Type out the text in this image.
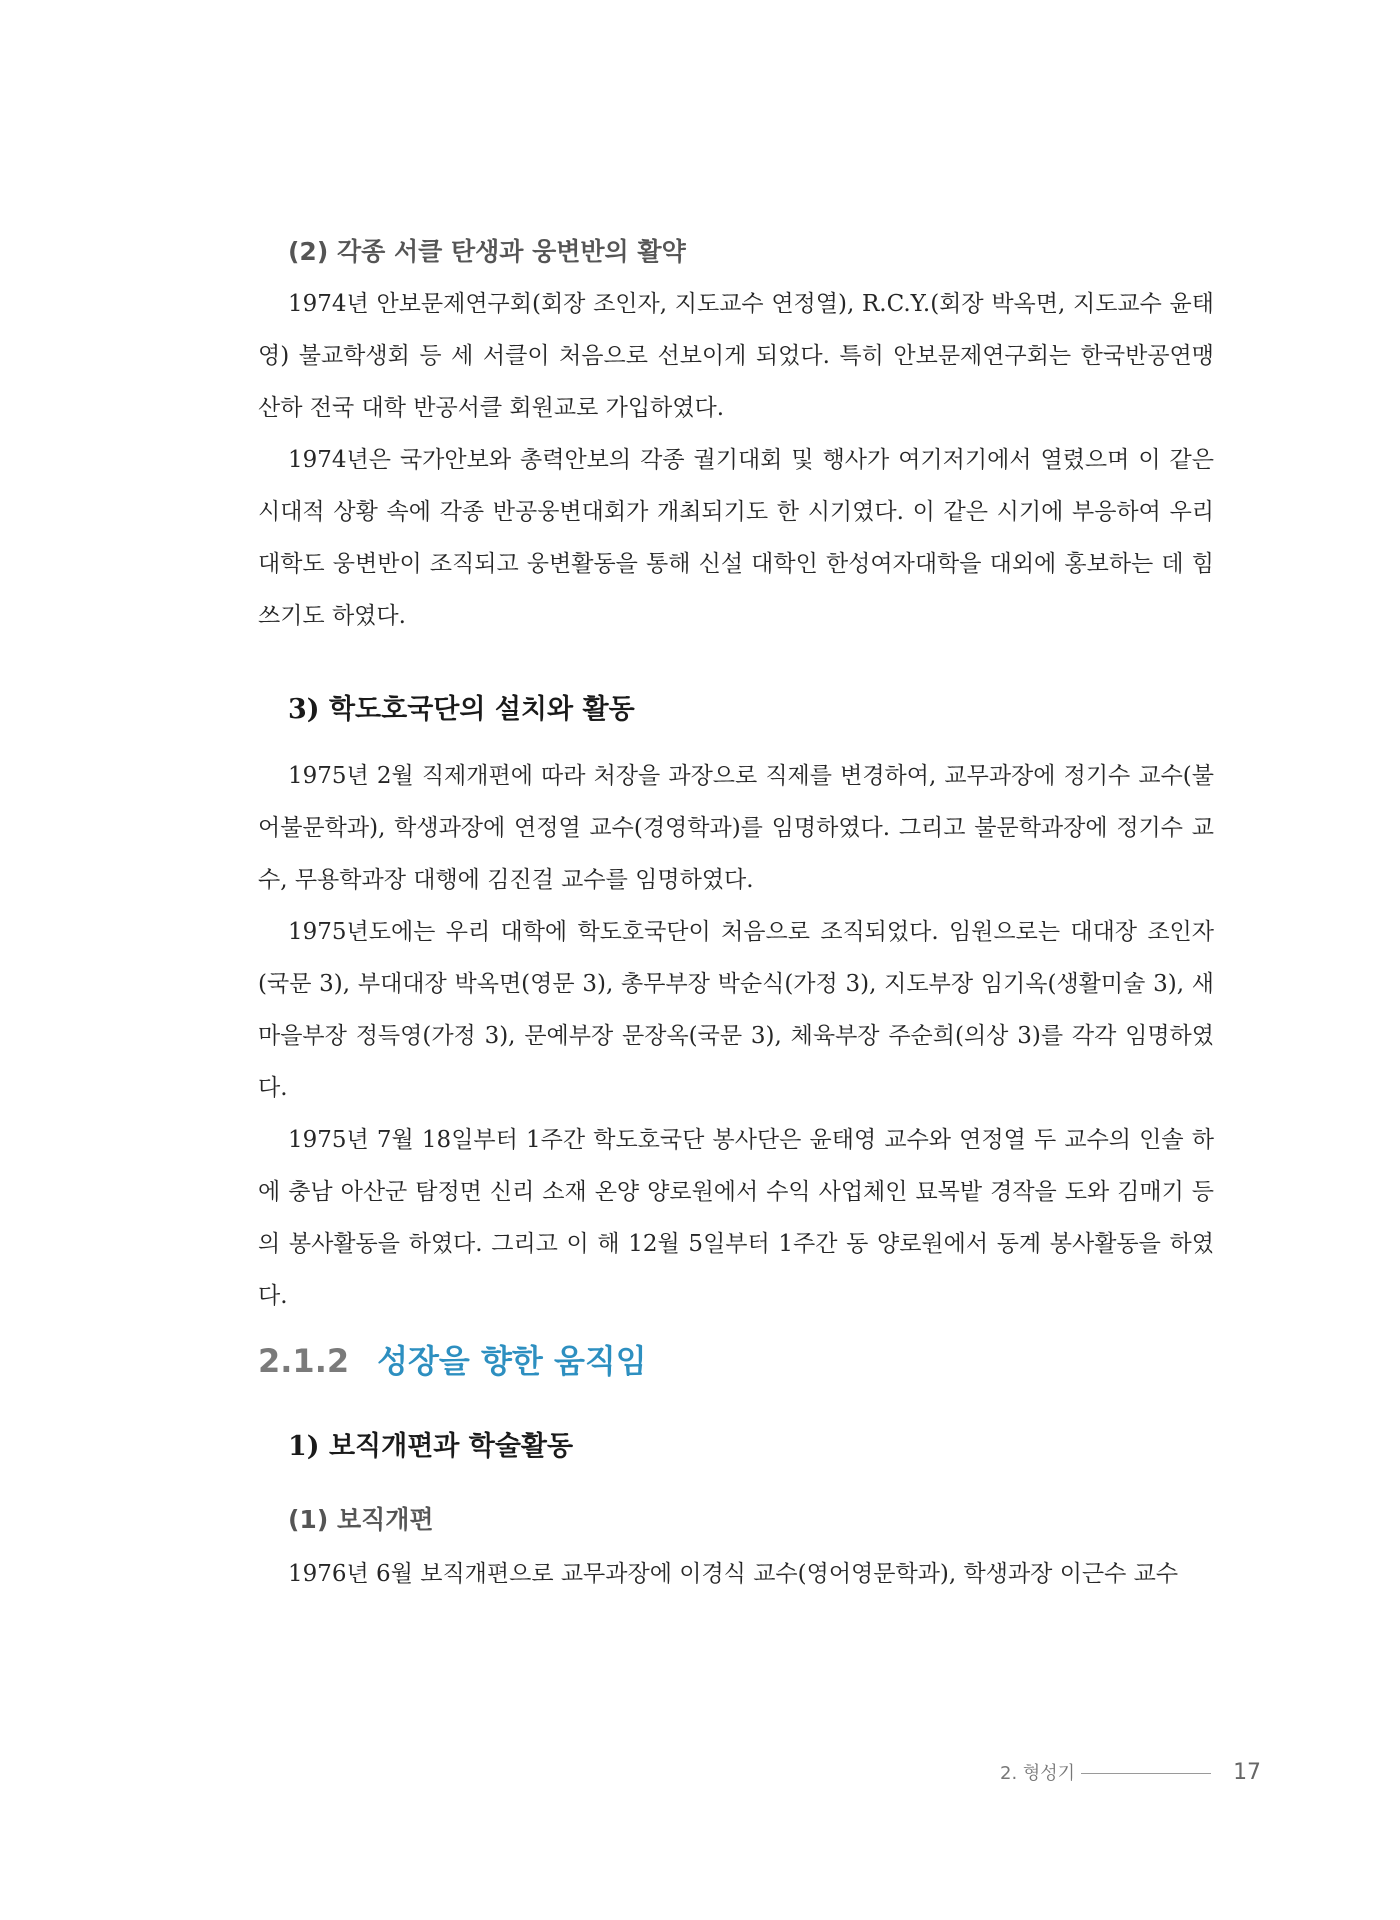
(2) 각종 서클 탄생과 웅변반의 활약

1974년 안보문제연구회(회장 조인자, 지도교수 연정열), R.C.Y.(회장 박옥면, 지도교수 윤태영) 불교학생회 등 세 서클이 처음으로 선보이게 되었다. 특히 안보문제연구회는 한국반공연맹 산하 전국 대학 반공서클 회원교로 가입하였다.

1974년은 국가안보와 총력안보의 각종 궐기대회 및 행사가 여기저기에서 열렸으며 이 같은 시대적 상황 속에 각종 반공웅변대회가 개최되기도 한 시기였다. 이 같은 시기에 부응하여 우리 대학도 웅변반이 조직되고 웅변활동을 통해 신설 대학인 한성여자대학을 대외에 홍보하는 데 힘쓰기도 하였다.

3) 학도호국단의 설치와 활동

1975년 2월 직제개편에 따라 처장을 과장으로 직제를 변경하여, 교무과장에 정기수 교수(불어불문학과), 학생과장에 연정열 교수(경영학과)를 임명하였다. 그리고 불문학과장에 정기수 교수, 무용학과장 대행에 김진걸 교수를 임명하였다.

1975년도에는 우리 대학에 학도호국단이 처음으로 조직되었다. 임원으로는 대대장 조인자(국문 3), 부대대장 박옥면(영문 3), 총무부장 박순식(가정 3), 지도부장 임기옥(생활미술 3), 새마을부장 정득영(가정 3), 문예부장 문장옥(국문 3), 체육부장 주순희(의상 3)를 각각 임명하였다.

1975년 7월 18일부터 1주간 학도호국단 봉사단은 윤태영 교수와 연정열 두 교수의 인솔 하에 충남 아산군 탐정면 신리 소재 온양 양로원에서 수익 사업체인 묘목밭 경작을 도와 김매기 등의 봉사활동을 하였다. 그리고 이 해 12월 5일부터 1주간 동 양로원에서 동계 봉사활동을 하였다.

2.1.2 성장을 향한 움직임
1) 보직개편과 학술활동
(1) 보직개편

1976년 6월 보직개편으로 교무과장에 이경식 교수(영어영문학과), 학생과장 이근수 교수

2. 형성기	17
